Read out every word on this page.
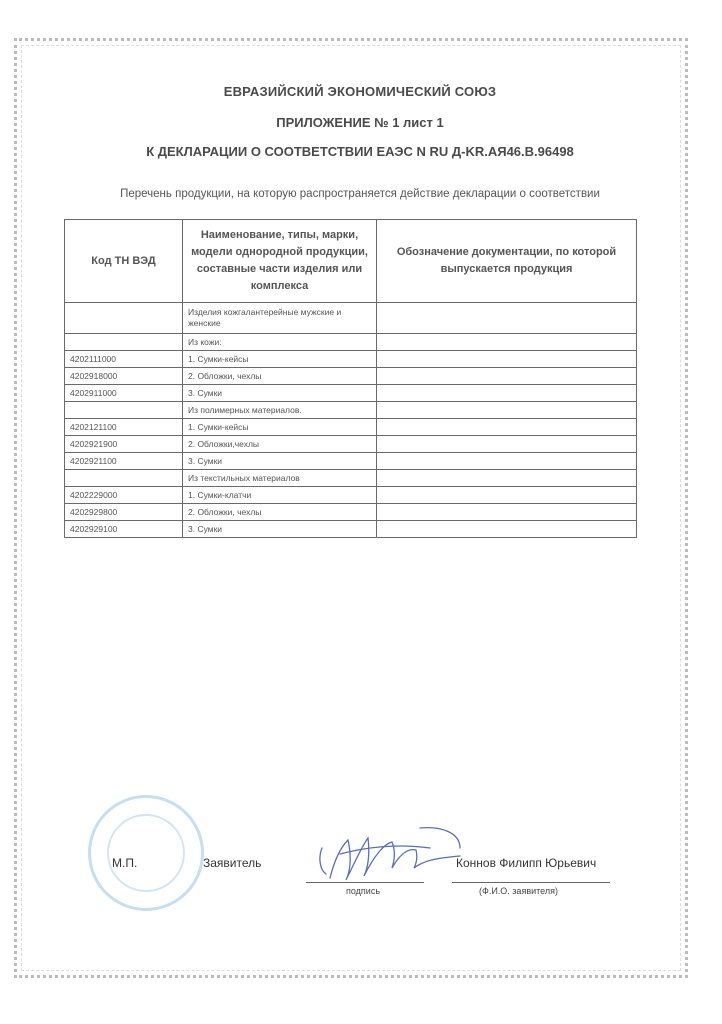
ЕВРАЗИЙСКИЙ ЭКОНОМИЧЕСКИЙ СОЮЗ
ПРИЛОЖЕНИЕ № 1 лист 1
К ДЕКЛАРАЦИИ О СООТВЕТСТВИИ ЕАЭС N RU Д-KR.АЯ46.В.96498
Перечень продукции, на которую распространяется действие декларации о соответствии
Код ТН ВЭД	Наименование, типы, марки, модели однородной продукции, составные части изделия или комплекса	Обозначение документации, по которой выпускается продукция
	Изделия кожгалантерейные мужские и женские	
	Из кожи:	
4202111000	1. Сумки-кейсы	
4202918000	2. Обложки, чехлы	
4202911000	3. Сумки	
	Из полимерных материалов.	
4202121100	1. Сумки-кейсы	
4202921900	2. Обложки,чехлы	
4202921100	3. Сумки	
	Из текстильных материалов	
4202229000	1. Сумки-клатчи	
4202929800	2. Обложки, чехлы	
4202929100	3. Сумки	
М.П.	Заявитель	Коннов Филипп Юрьевич
подпись	(Ф.И.О. заявителя)
